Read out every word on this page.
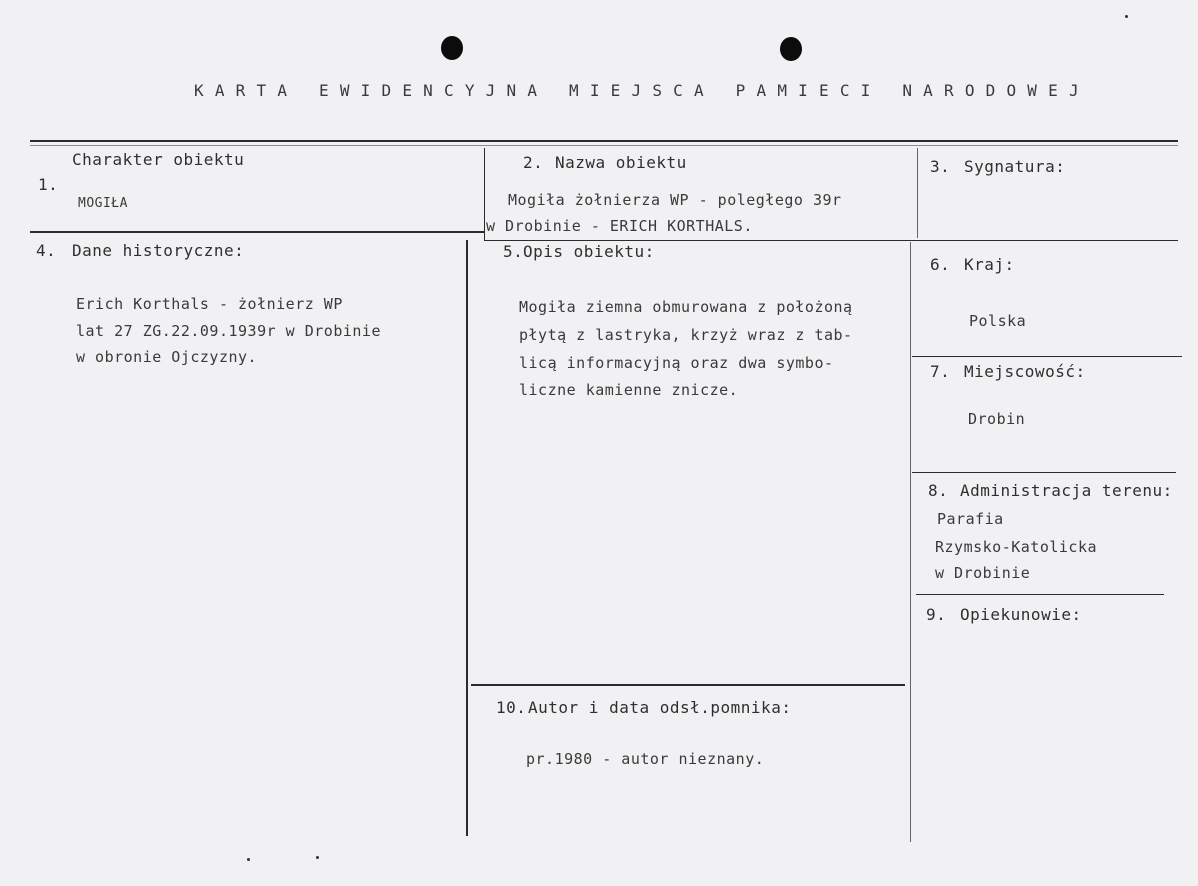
KARTA EWIDENCYJNA MIEJSCA PAMIECI NARODOWEJ
1.
Charakter obiektu
MOGIŁA
2. Nazwa obiektu
Mogiła żołnierza WP - poległego 39r
w Drobinie - ERICH KORTHALS.
3. Sygnatura:
4. Dane historyczne:
Erich Korthals - żołnierz WP
lat 27 ZG.22.09.1939r w Drobinie
w obronie Ojczyzny.
5. Opis obiektu:
Mogiła ziemna obmurowana z położoną
płytą z lastryka, krzyż wraz z tab-
licą informacyjną oraz dwa symbo-
liczne kamienne znicze.
6. Kraj:
Polska
7. Miejscowość:
Drobin
8. Administracja terenu:
Parafia
Rzymsko-Katolicka
w Drobinie
9. Opiekunowie:
10. Autor i data odsł.pomnika:
pr.1980 - autor nieznany.
